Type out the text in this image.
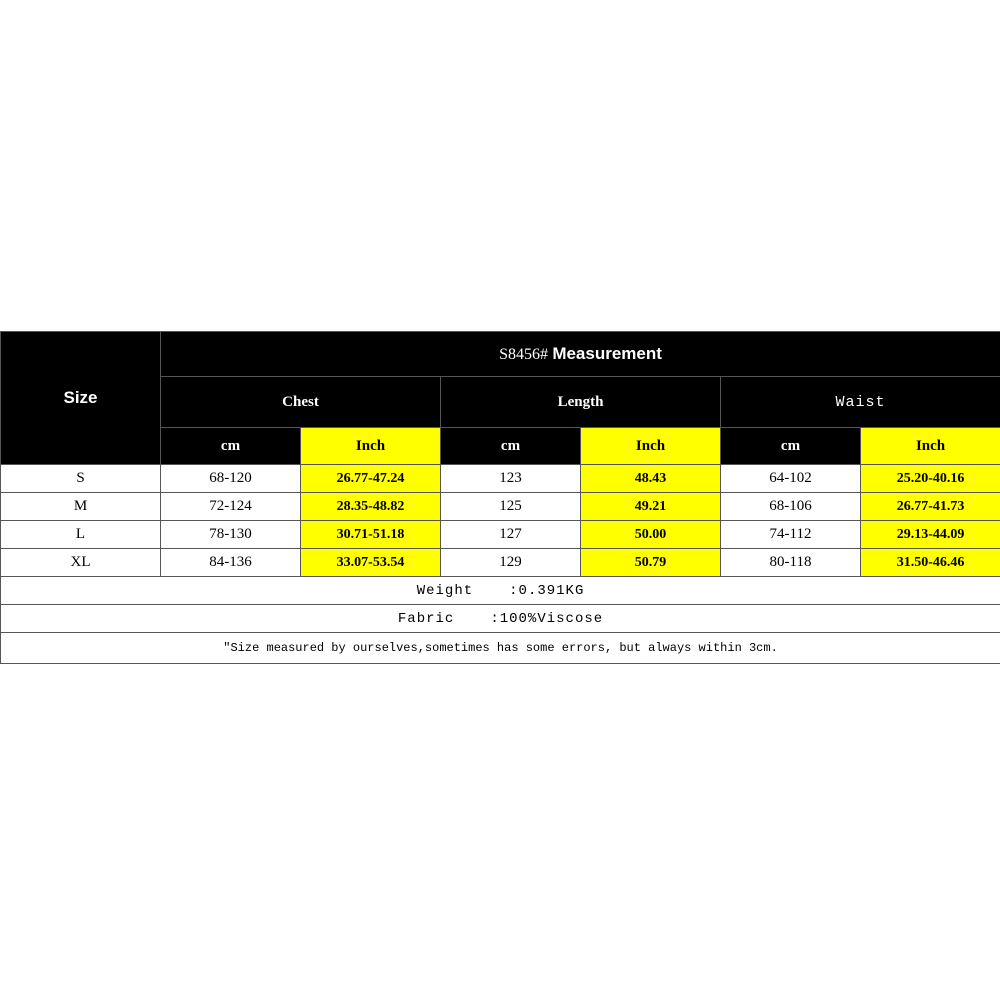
Size	S8456# Measurement					
	Chest		Length		Waist	
	cm	Inch	cm	Inch	cm	Inch
S	68-120	26.77-47.24	123	48.43	64-102	25.20-40.16
M	72-124	28.35-48.82	125	49.21	68-106	26.77-41.73
L	78-130	30.71-51.18	127	50.00	74-112	29.13-44.09
XL	84-136	33.07-53.54	129	50.79	80-118	31.50-46.46
Weight :0.391KG						
Fabric :100%Viscose						
"Size measured by ourselves,sometimes has some errors, but always within 3cm.						
